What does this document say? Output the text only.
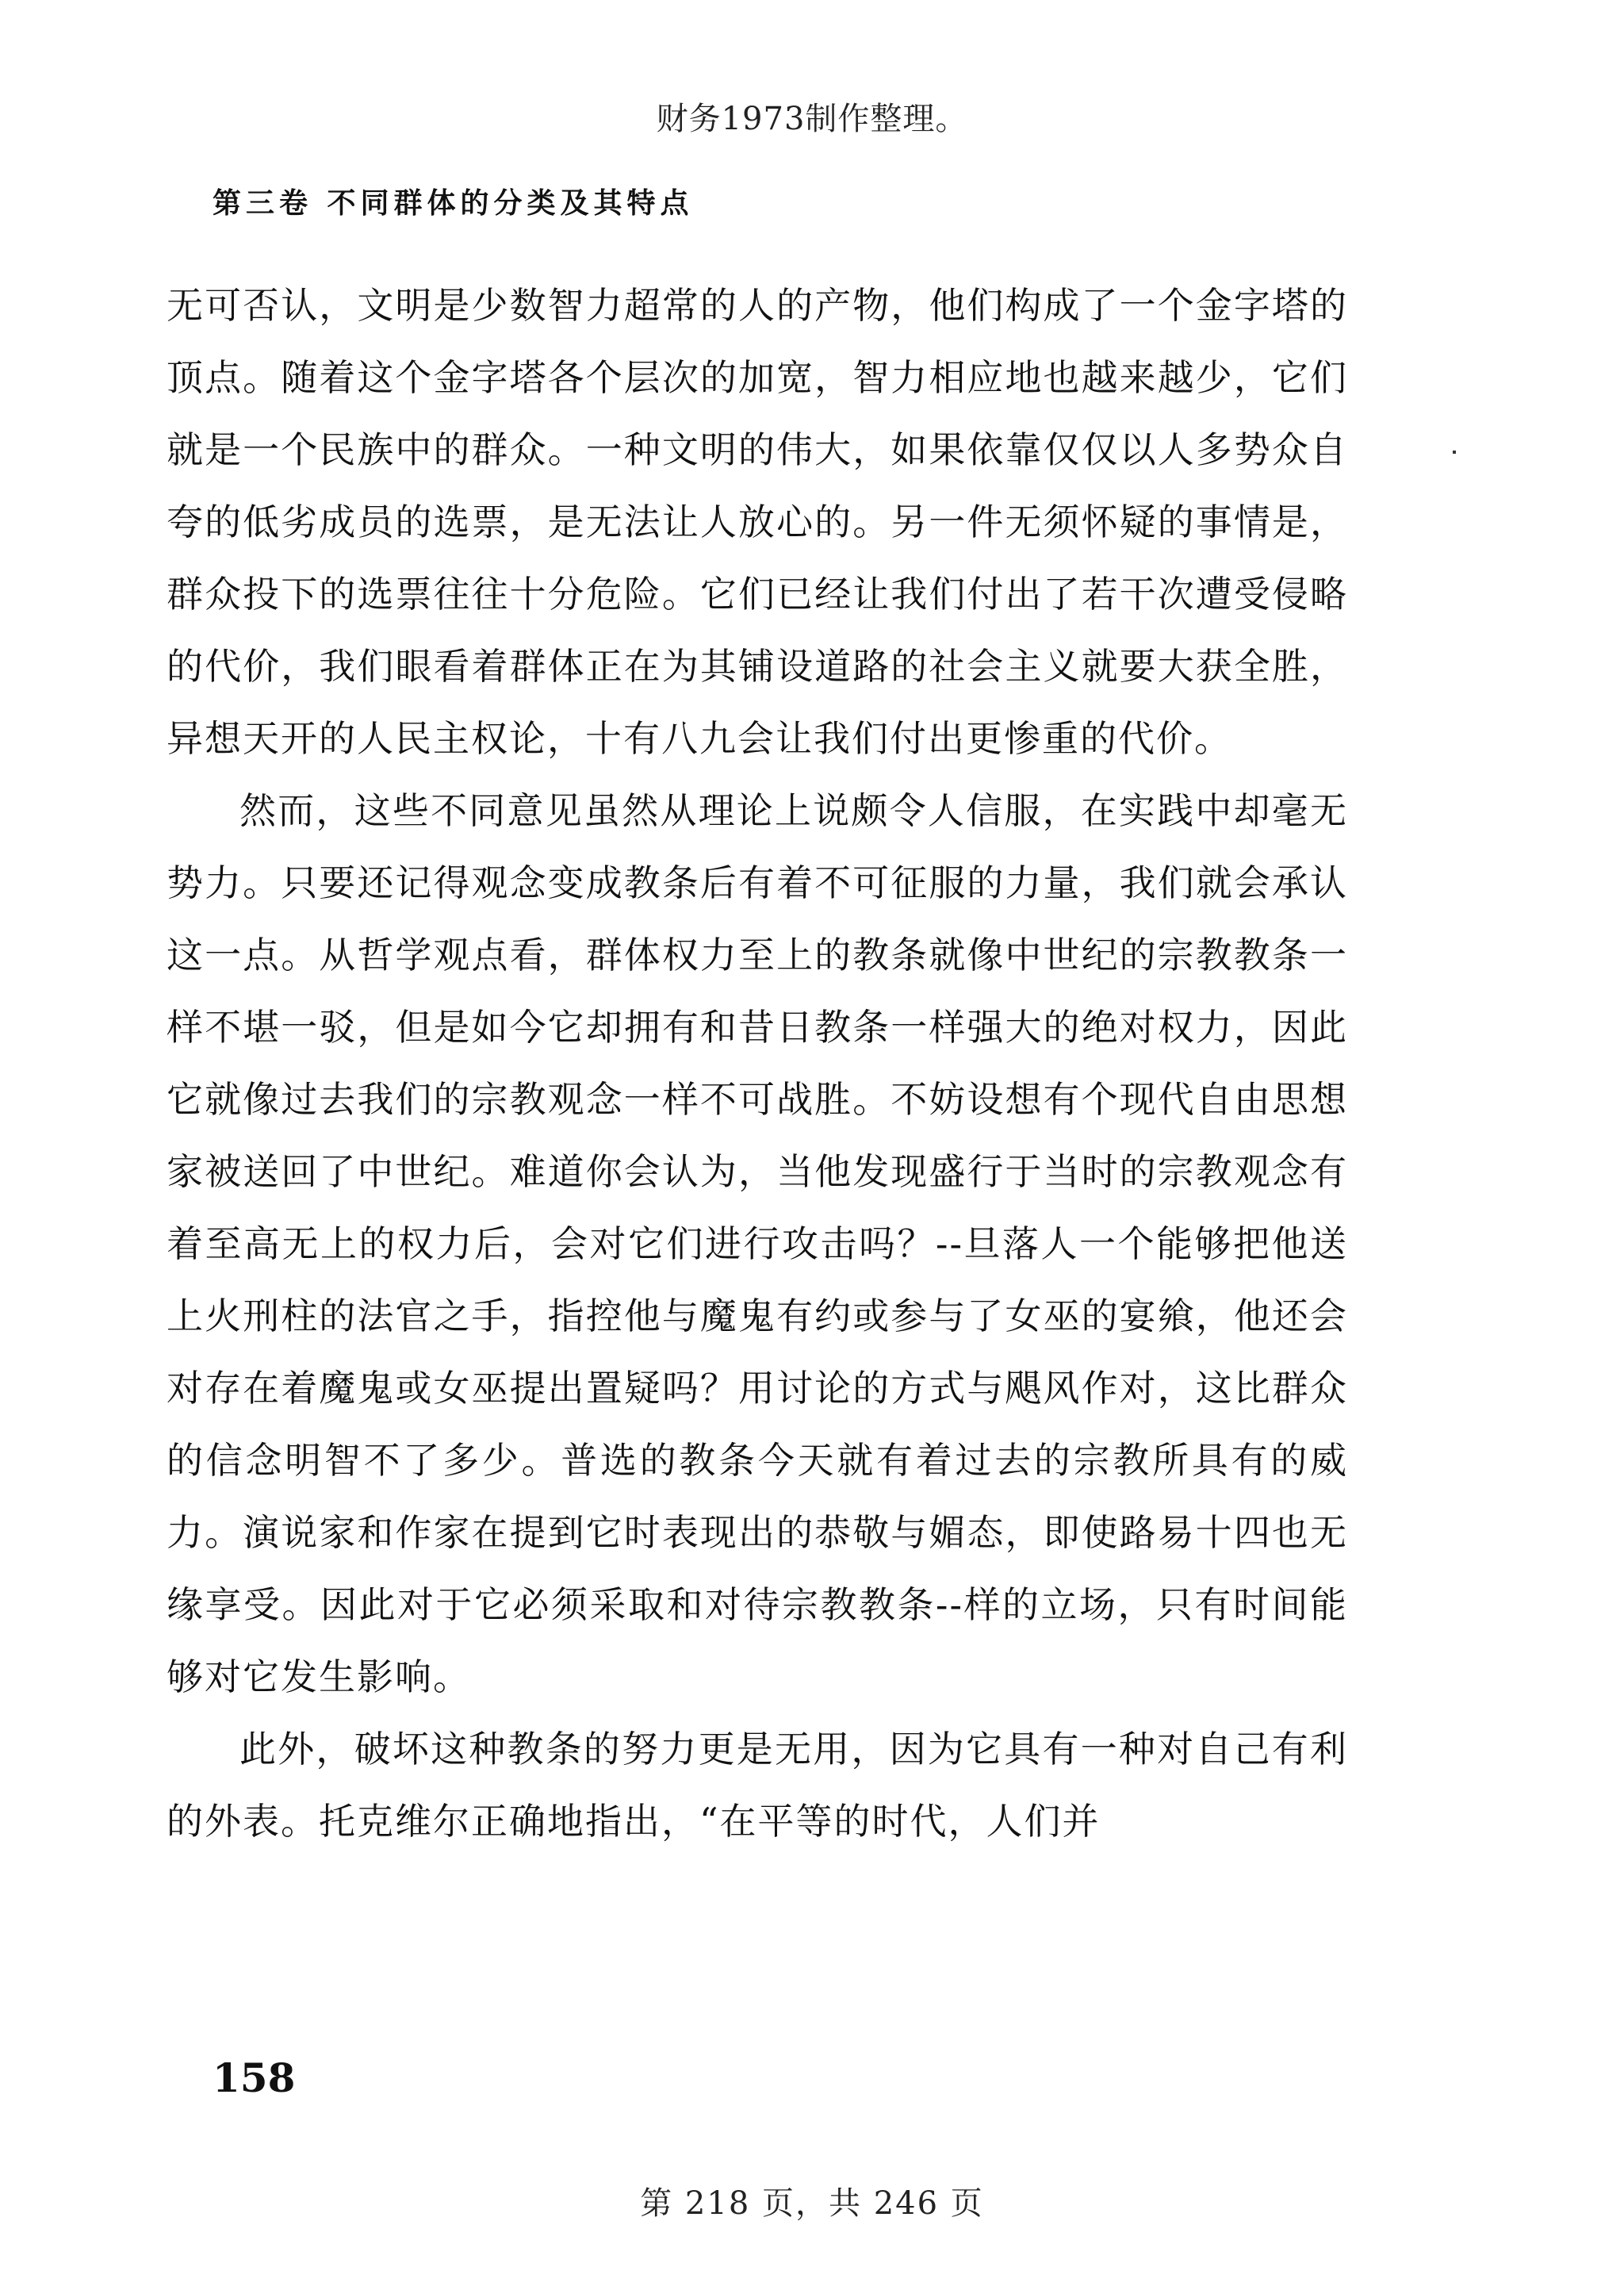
财务1973制作整理。
第三卷 不同群体的分类及其特点

无可否认，文明是少数智力超常的人的产物，他们构成了一个金字塔的顶点。随着这个金字塔各个层次的加宽，智力相应地也越来越少，它们就是一个民族中的群众。一种文明的伟大，如果依靠仅仅以人多势众自夸的低劣成员的选票，是无法让人放心的。另一件无须怀疑的事情是，群众投下的选票往往十分危险。它们已经让我们付出了若干次遭受侵略的代价，我们眼看着群体正在为其铺设道路的社会主义就要大获全胜，异想天开的人民主权论，十有八九会让我们付出更惨重的代价。

然而，这些不同意见虽然从理论上说颇令人信服，在实践中却毫无势力。只要还记得观念变成教条后有着不可征服的力量，我们就会承认这一点。从哲学观点看，群体权力至上的教条就像中世纪的宗教教条一样不堪一驳，但是如今它却拥有和昔日教条一样强大的绝对权力，因此它就像过去我们的宗教观念一样不可战胜。不妨设想有个现代自由思想家被送回了中世纪。难道你会认为，当他发现盛行于当时的宗教观念有着至高无上的权力后，会对它们进行攻击吗？--旦落人一个能够把他送上火刑柱的法官之手，指控他与魔鬼有约或参与了女巫的宴飨，他还会对存在着魔鬼或女巫提出置疑吗？用讨论的方式与飓风作对，这比群众的信念明智不了多少。普选的教条今天就有着过去的宗教所具有的威力。演说家和作家在提到它时表现出的恭敬与媚态，即使路易十四也无缘享受。因此对于它必须采取和对待宗教教条--样的立场，只有时间能够对它发生影响。

此外，破坏这种教条的努力更是无用，因为它具有一种对自己有利的外表。托克维尔正确地指出，“在平等的时代，人们并

158
第 218 页，共 246 页
